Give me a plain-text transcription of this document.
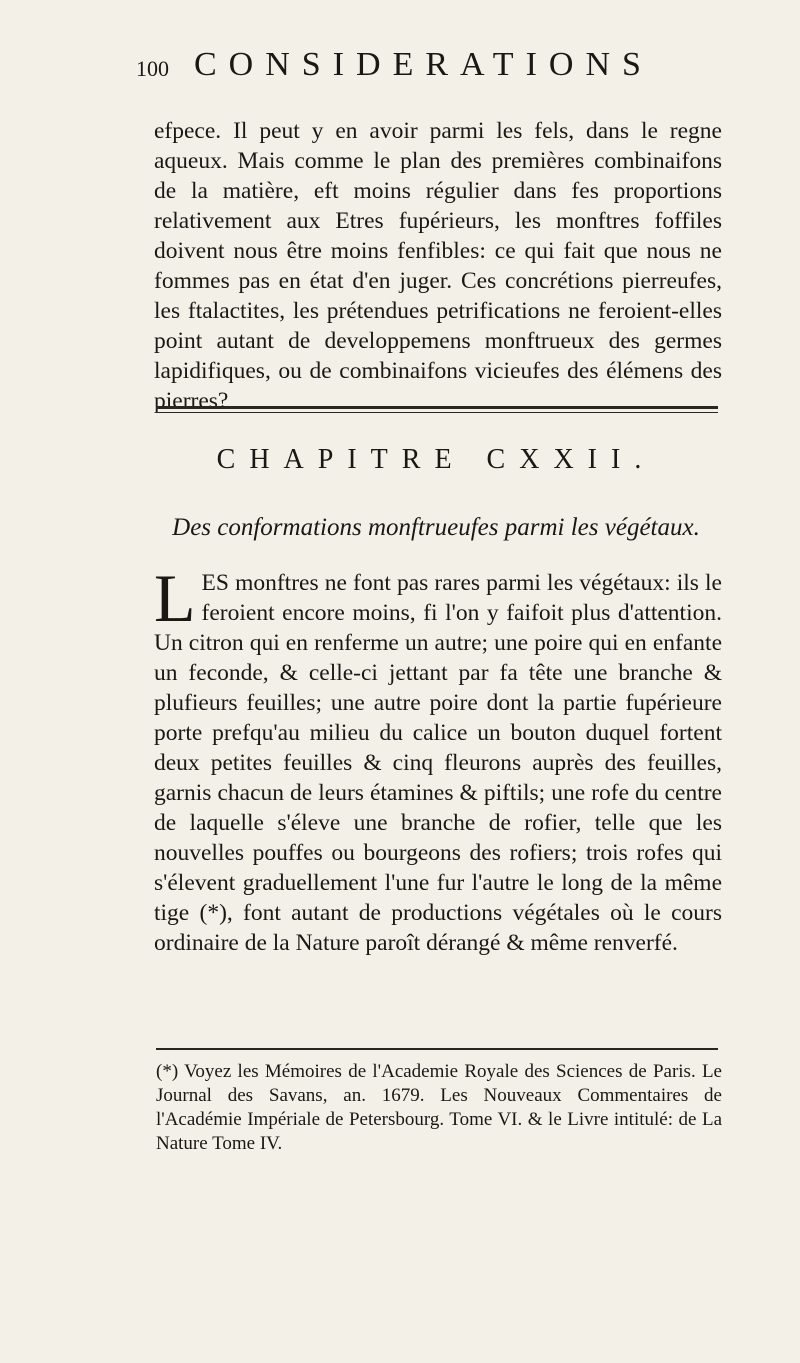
100 CONSIDERATIONS
efpece. Il peut y en avoir parmi les fels, dans le regne aqueux. Mais comme le plan des premières combinaifons de la matière, eft moins régulier dans fes proportions relativement aux Etres fupérieurs, les monftres foffiles doivent nous être moins fenfibles: ce qui fait que nous ne fommes pas en état d'en juger. Ces concrétions pierreufes, les ftalactites, les prétendues petrifications ne feroient-elles point autant de developpemens monftrueux des germes lapidifiques, ou de combinaifons vicieufes des élémens des pierres?
CHAPITRE CXXII.
Des conformations monftrueufes parmi les végétaux.
LES monftres ne font pas rares parmi les végétaux: ils le feroient encore moins, fi l'on y faifoit plus d'attention. Un citron qui en renferme un autre; une poire qui en enfante un feconde, & celle-ci jettant par fa tête une branche & plufieurs feuilles; une autre poire dont la partie fupérieure porte prefqu'au milieu du calice un bouton duquel fortent deux petites feuilles & cinq fleurons auprès des feuilles, garnis chacun de leurs étamines & piftils; une rofe du centre de laquelle s'éleve une branche de rofier, telle que les nouvelles pouffes ou bourgeons des rofiers; trois rofes qui s'élevent graduellement l'une fur l'autre le long de la même tige (*), font autant de productions végétales où le cours ordinaire de la Nature paroît dérangé & même renverfé.
(*) Voyez les Mémoires de l'Academie Royale des Sciences de Paris. Le Journal des Savans, an. 1679. Les Nouveaux Commentaires de l'Académie Impériale de Petersbourg. Tome VI. & le Livre intitulé: de La Nature Tome IV.
